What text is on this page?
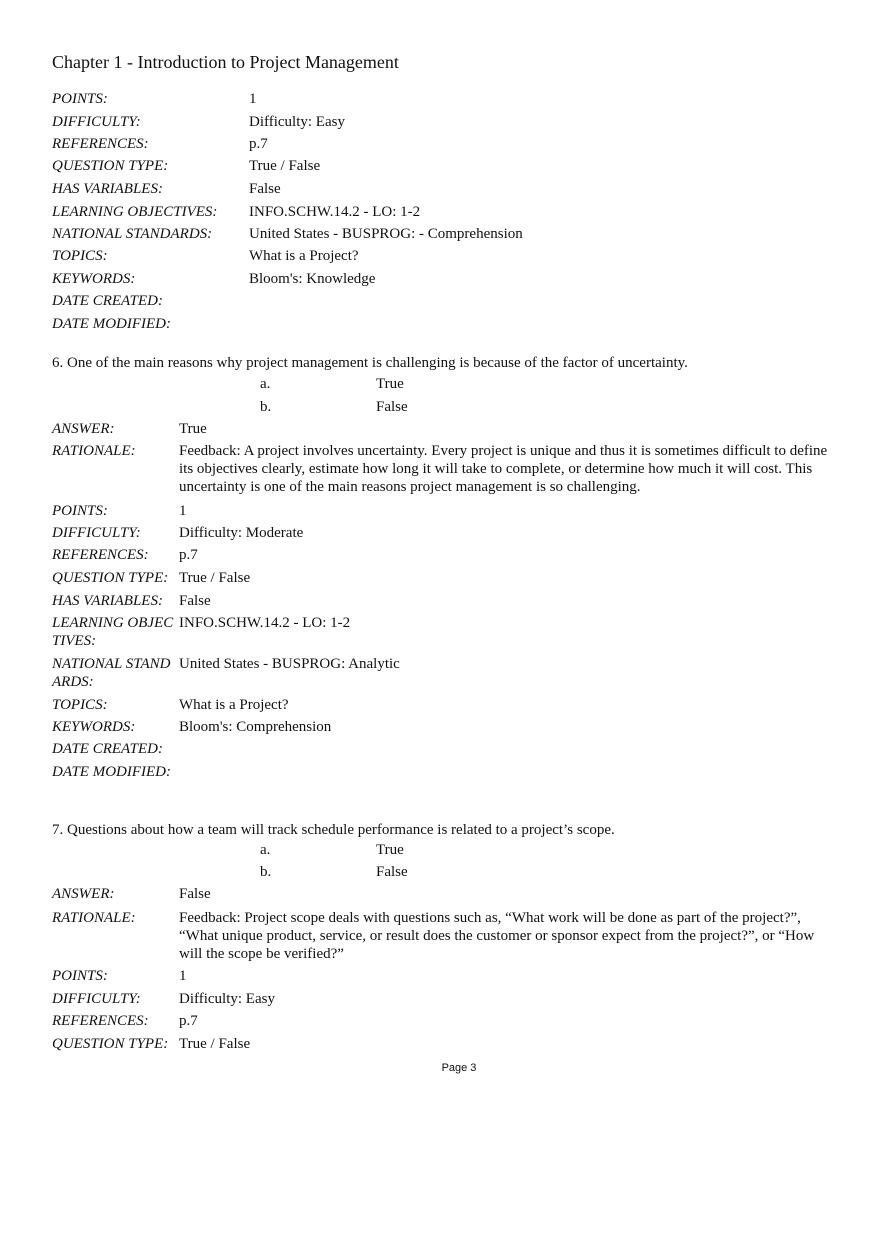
Chapter 1 - Introduction to Project Management
POINTS:	1
DIFFICULTY:	Difficulty: Easy
REFERENCES:	p.7
QUESTION TYPE:	True / False
HAS VARIABLES:	False
LEARNING OBJECTIVES: INFO.SCHW.14.2 - LO: 1-2
NATIONAL STANDARDS: United States - BUSPROG: - Comprehension
TOPICS:	What is a Project?
KEYWORDS:	Bloom's: Knowledge
DATE CREATED:
DATE MODIFIED:
6. One of the main reasons why project management is challenging is because of the factor of uncertainty.
a.	True
b.	False
ANSWER:	True
RATIONALE:	Feedback: A project involves uncertainty. Every project is unique and thus it is sometimes difficult to define its objectives clearly, estimate how long it will take to complete, or determine how much it will cost. This uncertainty is one of the main reasons project management is so challenging.
POINTS:	1
DIFFICULTY:	Difficulty: Moderate
REFERENCES: p.7
QUESTION TYPE: True / False
HAS VARIABLES: False
LEARNING OBJECTIVES:
INFO.SCHW.14.2 - LO: 1-2
NATIONAL STANDARDS:
United States - BUSPROG: Analytic
TOPICS:	What is a Project?
KEYWORDS:	Bloom's: Comprehension
DATE CREATED:
DATE MODIFIED:
7. Questions about how a team will track schedule performance is related to a project’s scope.
a.	True
b.	False
ANSWER:	False
RATIONALE:	Feedback: Project scope deals with questions such as, “What work will be done as part of the project?”, “What unique product, service, or result does the customer or sponsor expect from the project?”, or “How will the scope be verified?”
POINTS:	1
DIFFICULTY:	Difficulty: Easy
REFERENCES: p.7
QUESTION TYPE: True / False
Page 3
